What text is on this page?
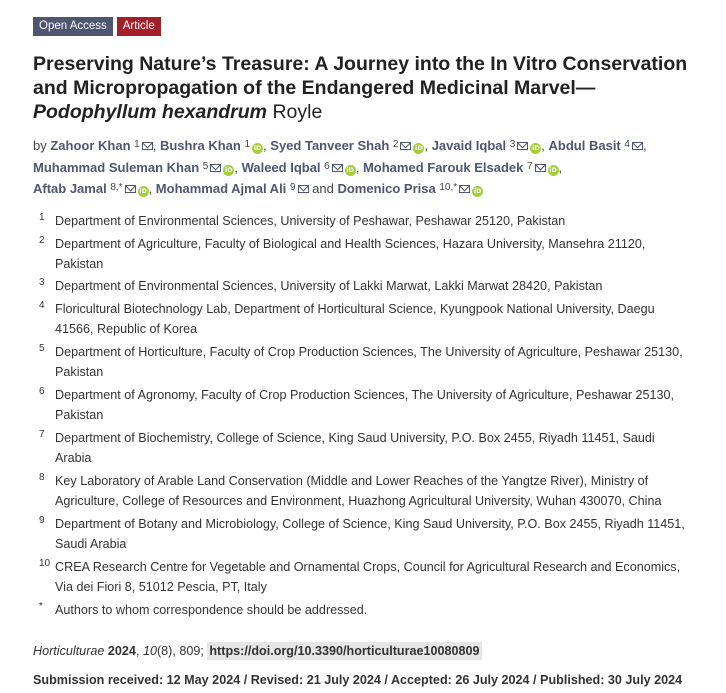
Open Access	Article
Preserving Nature’s Treasure: A Journey into the In Vitro Conservation
and Micropropagation of the Endangered Medicinal Marvel—
Podophyllum hexandrum Royle
by Zahoor Khan $^1$ , Bushra Khan $^1$ iD , Syed Tanveer Shah $^2$	iD , Javaid Iqbal $^3$	iD , Abdul Basit $^4$ ,
Muhammad Suleman Khan $^5$	iD , Waleed Iqbal $^6$	iD , Mohamed Farouk Elsadek $^7$	iD ,
Aftab Jamal $^{8,*}$	iD , Mohammad Ajmal Ali $^9$ and Domenico Prisa $^{10,*}$	iD
1 Department of Environmental Sciences, University of Peshawar, Peshawar 25120, Pakistan
2 Department of Agriculture, Faculty of Biological and Health Sciences, Hazara University, Mansehra 21120,
Pakistan
3 Department of Environmental Sciences, University of Lakki Marwat, Lakki Marwat 28420, Pakistan
4 Floricultural Biotechnology Lab, Department of Horticultural Science, Kyungpook National University, Daegu
41566, Republic of Korea
5 Department of Horticulture, Faculty of Crop Production Sciences, The University of Agriculture, Peshawar 25130,
Pakistan
6 Department of Agronomy, Faculty of Crop Production Sciences, The University of Agriculture, Peshawar 25130,
Pakistan
7 Department of Biochemistry, College of Science, King Saud University, P.O. Box 2455, Riyadh 11451, Saudi
Arabia
8 Key Laboratory of Arable Land Conservation (Middle and Lower Reaches of the Yangtze River), Ministry of
Agriculture, College of Resources and Environment, Huazhong Agricultural University, Wuhan 430070, China
9 Department of Botany and Microbiology, College of Science, King Saud University, P.O. Box 2455, Riyadh 11451,
Saudi Arabia
10 CREA Research Centre for Vegetable and Ornamental Crops, Council for Agricultural Research and Economics,
Via dei Fiori 8, 51012 Pescia, PT, Italy
* Authors to whom correspondence should be addressed.
Horticulturae 2024, 10(8), 809; https://doi.org/10.3390/horticulturae10080809
Submission received: 12 May 2024 / Revised: 21 July 2024 / Accepted: 26 July 2024 / Published: 30 July 2024
